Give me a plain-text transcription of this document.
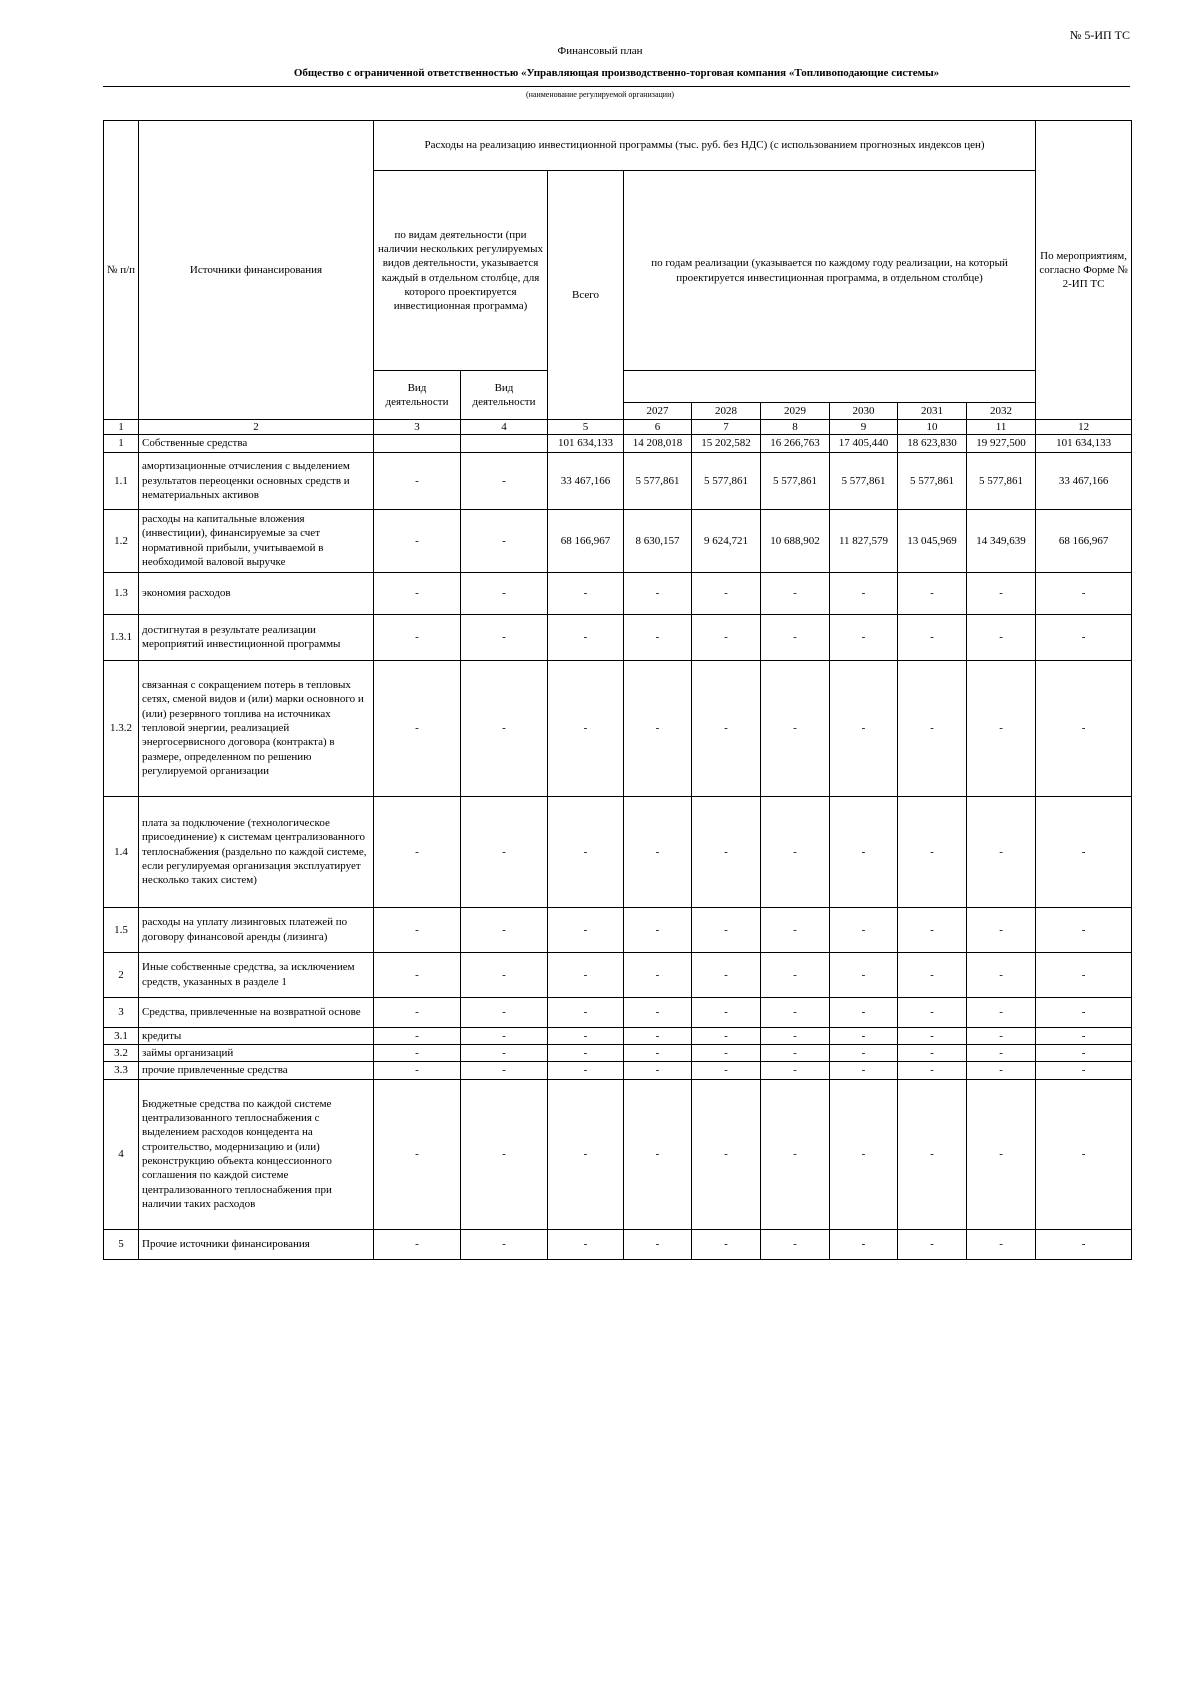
№ 5-ИП ТС
Финансовый план
Общество с ограниченной ответственностью «Управляющая производственно-торговая компания «Топливоподающие системы»
(наименование регулируемой организации)
№ п/п	Источники финансирования	Расходы на реализацию инвестиционной программы (тыс. руб. без НДС) (с использованием прогнозных индексов цен)									По мероприятиям, согласно Форме № 2-ИП ТС
		по видам деятельности (при наличии нескольких регулируемых видов деятельности, указывается каждый в отдельном столбце, для которого проектируется инвестиционная программа)		Всего	по годам реализации (указывается по каждому году реализации, на который проектируется инвестиционная программа, в отдельном столбце)						
		Вид деятельности	Вид деятельности								
					2027	2028	2029	2030	2031	2032	
1	2	3	4	5	6	7	8	9	10	11	12
1	Собственные средства			101 634,133	14 208,018	15 202,582	16 266,763	17 405,440	18 623,830	19 927,500	101 634,133
1.1	амортизационные отчисления с выделением результатов переоценки основных средств и нематериальных активов	-	-	33 467,166	5 577,861	5 577,861	5 577,861	5 577,861	5 577,861	5 577,861	33 467,166
1.2	расходы на капитальные вложения (инвестиции), финансируемые за счет нормативной прибыли, учитываемой в необходимой валовой выручке	-	-	68 166,967	8 630,157	9 624,721	10 688,902	11 827,579	13 045,969	14 349,639	68 166,967
1.3	экономия расходов	-	-	-	-	-	-	-	-	-	-
1.3.1	достигнутая в результате реализации мероприятий инвестиционной программы	-	-	-	-	-	-	-	-	-	-
1.3.2	связанная с сокращением потерь в тепловых сетях, сменой видов и (или) марки основного и (или) резервного топлива на источниках тепловой энергии, реализацией энергосервисного договора (контракта) в размере, определенном по решению регулируемой организации	-	-	-	-	-	-	-	-	-	-
1.4	плата за подключение (технологическое присоединение) к системам централизованного теплоснабжения (раздельно по каждой системе, если регулируемая организация эксплуатирует несколько таких систем)	-	-	-	-	-	-	-	-	-	-
1.5	расходы на уплату лизинговых платежей по договору финансовой аренды (лизинга)	-	-	-	-	-	-	-	-	-	-
2	Иные собственные средства, за исключением средств, указанных в разделе 1	-	-	-	-	-	-	-	-	-	-
3	Средства, привлеченные на возвратной основе	-	-	-	-	-	-	-	-	-	-
3.1	кредиты	-	-	-	-	-	-	-	-	-	-
3.2	займы организаций	-	-	-	-	-	-	-	-	-	-
3.3	прочие привлеченные средства	-	-	-	-	-	-	-	-	-	-
4	Бюджетные средства по каждой системе централизованного теплоснабжения с выделением расходов концедента на строительство, модернизацию и (или) реконструкцию объекта концессионного соглашения по каждой системе централизованного теплоснабжения при наличии таких расходов	-	-	-	-	-	-	-	-	-	-
5	Прочие источники финансирования	-	-	-	-	-	-	-	-	-	-
